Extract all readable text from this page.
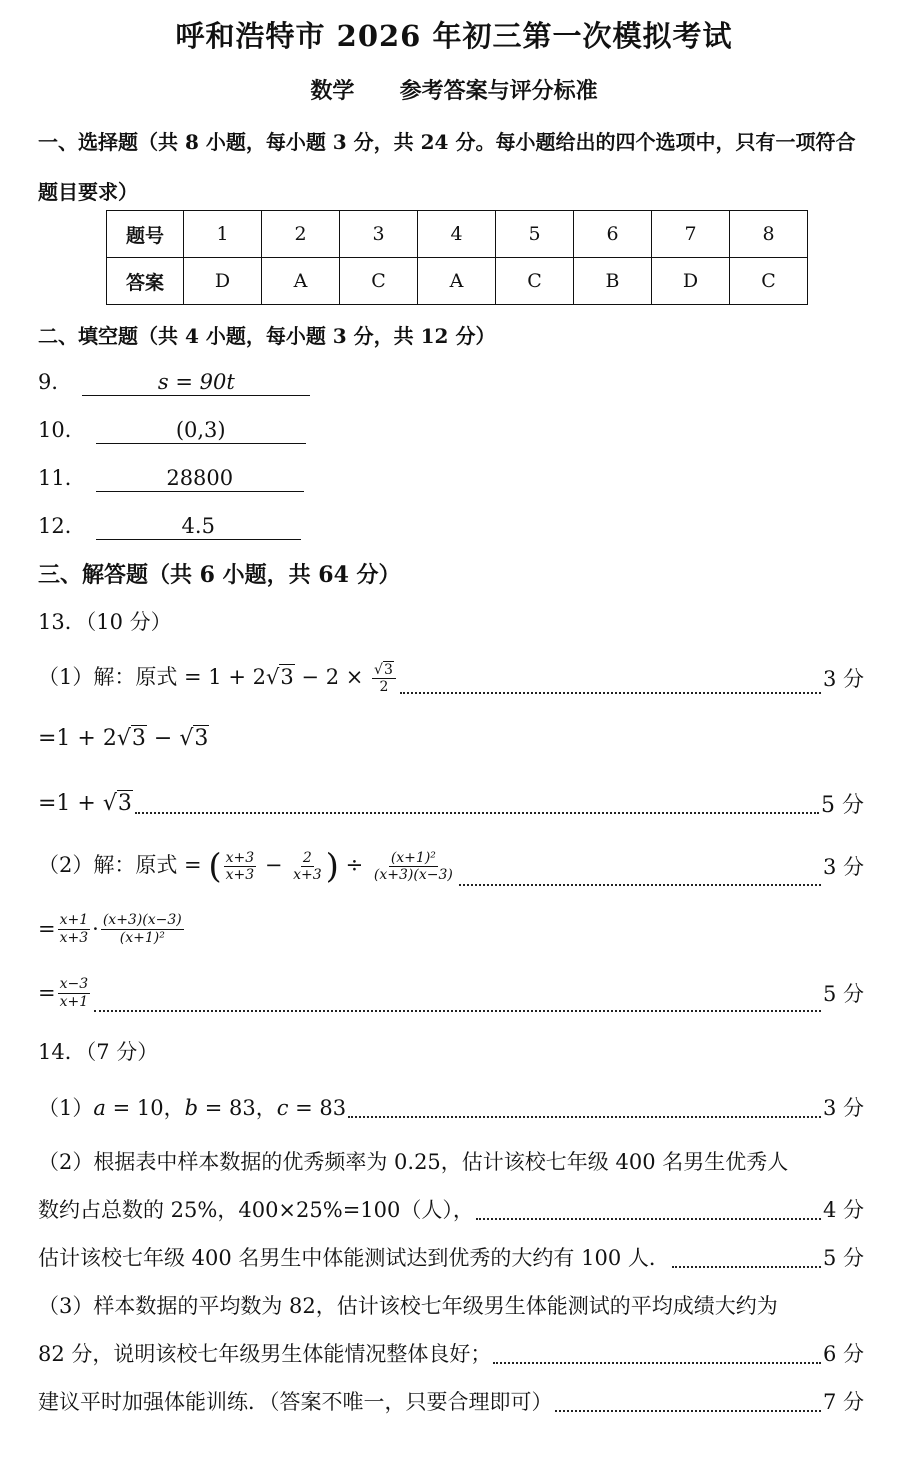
呼和浩特市 2026 年初三第一次模拟考试
数学 参考答案与评分标准
一、选择题（共 8 小题，每小题 3 分，共 24 分。每小题给出的四个选项中，只有一项符合
题目要求）
题号	1	2	3	4	5	6	7	8
答案	D	A	C	A	C	B	D	C
二、填空题（共 4 小题，每小题 3 分，共 12 分）
9．	s = 90t
10．	(0,3)
11．	28800
12．	4.5
三、解答题（共 6 小题，共 64 分）
13．（10 分）
（1）解：原式 = $1 + 2√3 - 2 \times \frac{√3}{2}$	3 分
=1 + 2√3 − √3
=1 + √3	5 分
（2）解：原式 = ( $\frac{x+3}{x+3} - \frac{2}{x+3}$ ) ÷ $\frac{\text{(x+1)²}}{(x+3)(x-3)}$	3 分
= $\frac{x+1}{x+3} \cdot \frac{(x+3)(x-3)}{\text{(x+1)²}}$
= $\frac{x-3}{x+1}$	5 分
14．（7 分）
（1）a = 10，b = 83，c = 83	3 分
（2）根据表中样本数据的优秀频率为 0.25，估计该校七年级 400 名男生优秀人
数约占总数的 25%，400×25%=100（人），	4 分
估计该校七年级 400 名男生中体能测试达到优秀的大约有 100 人．	5 分
（3）样本数据的平均数为 82，估计该校七年级男生体能测试的平均成绩大约为
82 分，说明该校七年级男生体能情况整体良好；	6 分
建议平时加强体能训练．（答案不唯一，只要合理即可）	7 分
